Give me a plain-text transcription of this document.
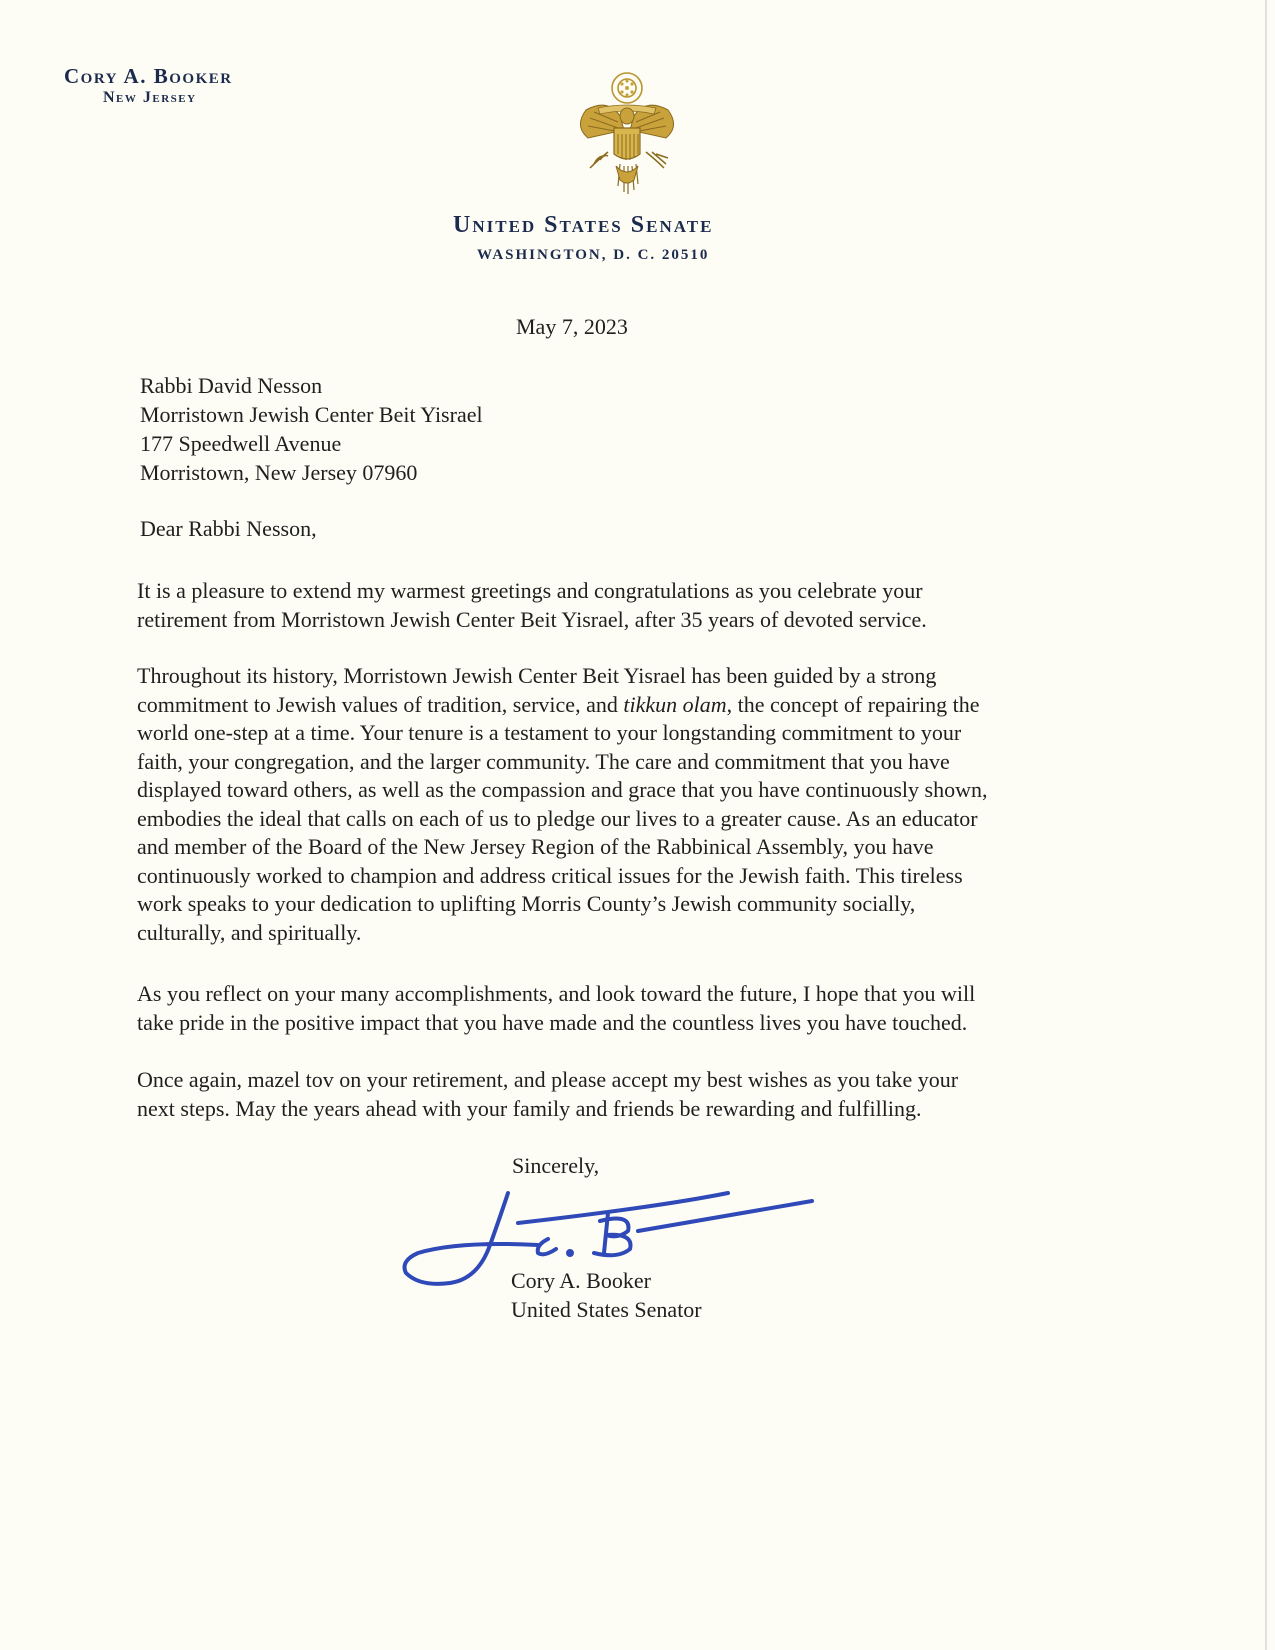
Cory A. Booker
New Jersey
United States Senate
WASHINGTON, D. C. 20510
May 7, 2023
Rabbi David Nesson
Morristown Jewish Center Beit Yisrael
177 Speedwell Avenue
Morristown, New Jersey 07960
Dear Rabbi Nesson,
It is a pleasure to extend my warmest greetings and congratulations as you celebrate your
retirement from Morristown Jewish Center Beit Yisrael, after 35 years of devoted service.
Throughout its history, Morristown Jewish Center Beit Yisrael has been guided by a strong
commitment to Jewish values of tradition, service, and tikkun olam, the concept of repairing the
world one-step at a time. Your tenure is a testament to your longstanding commitment to your
faith, your congregation, and the larger community. The care and commitment that you have
displayed toward others, as well as the compassion and grace that you have continuously shown,
embodies the ideal that calls on each of us to pledge our lives to a greater cause. As an educator
and member of the Board of the New Jersey Region of the Rabbinical Assembly, you have
continuously worked to champion and address critical issues for the Jewish faith. This tireless
work speaks to your dedication to uplifting Morris County’s Jewish community socially,
culturally, and spiritually.
As you reflect on your many accomplishments, and look toward the future, I hope that you will
take pride in the positive impact that you have made and the countless lives you have touched.
Once again, mazel tov on your retirement, and please accept my best wishes as you take your
next steps. May the years ahead with your family and friends be rewarding and fulfilling.
Sincerely,
Cory A. Booker
United States Senator
